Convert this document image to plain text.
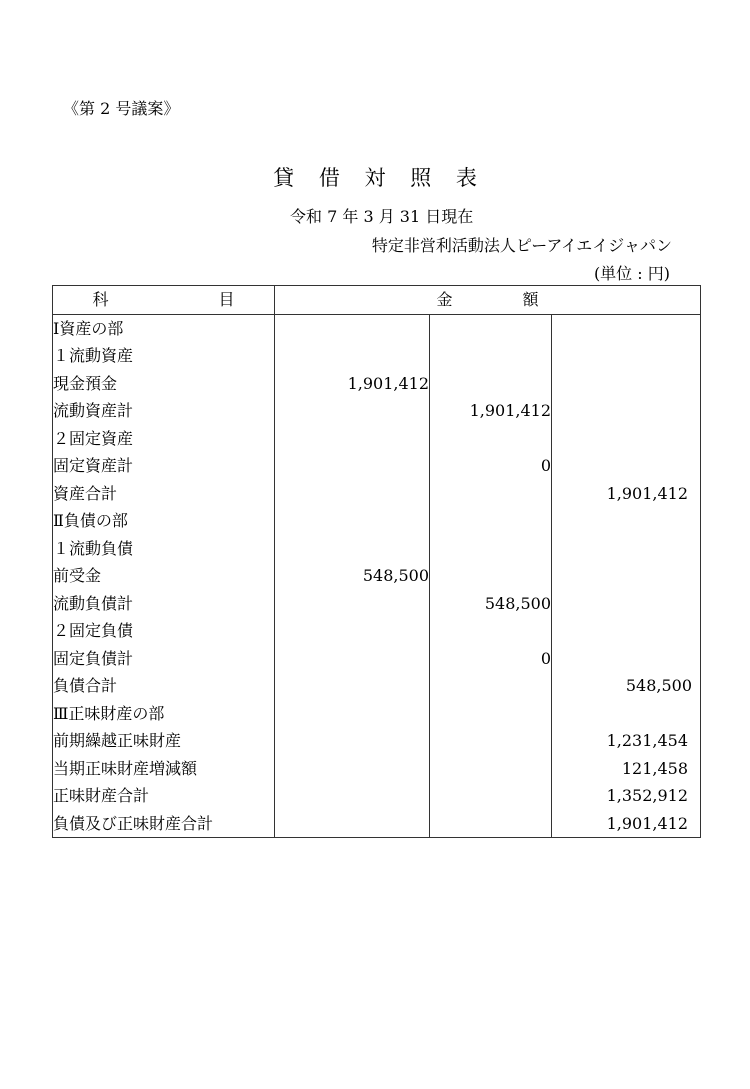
《第 2 号議案》
貸 借 対 照 表
令和 7 年 3 月 31 日現在
特定非営利活動法人ピーアイエイジャパン
(単位 : 円)
科 目	金 額		
Ⅰ資産の部			
１流動資産			
現金預金	1,901,412		
流動資産計		1,901,412	
２固定資産			
固定資産計		0	
資産合計			1,901,412
Ⅱ負債の部			
１流動負債			
前受金	548,500		
流動負債計		548,500	
２固定負債			
固定負債計		0	
負債合計			548,500
Ⅲ正味財産の部			
前期繰越正味財産			1,231,454
当期正味財産増減額			121,458
正味財産合計			1,352,912
負債及び正味財産合計			1,901,412
